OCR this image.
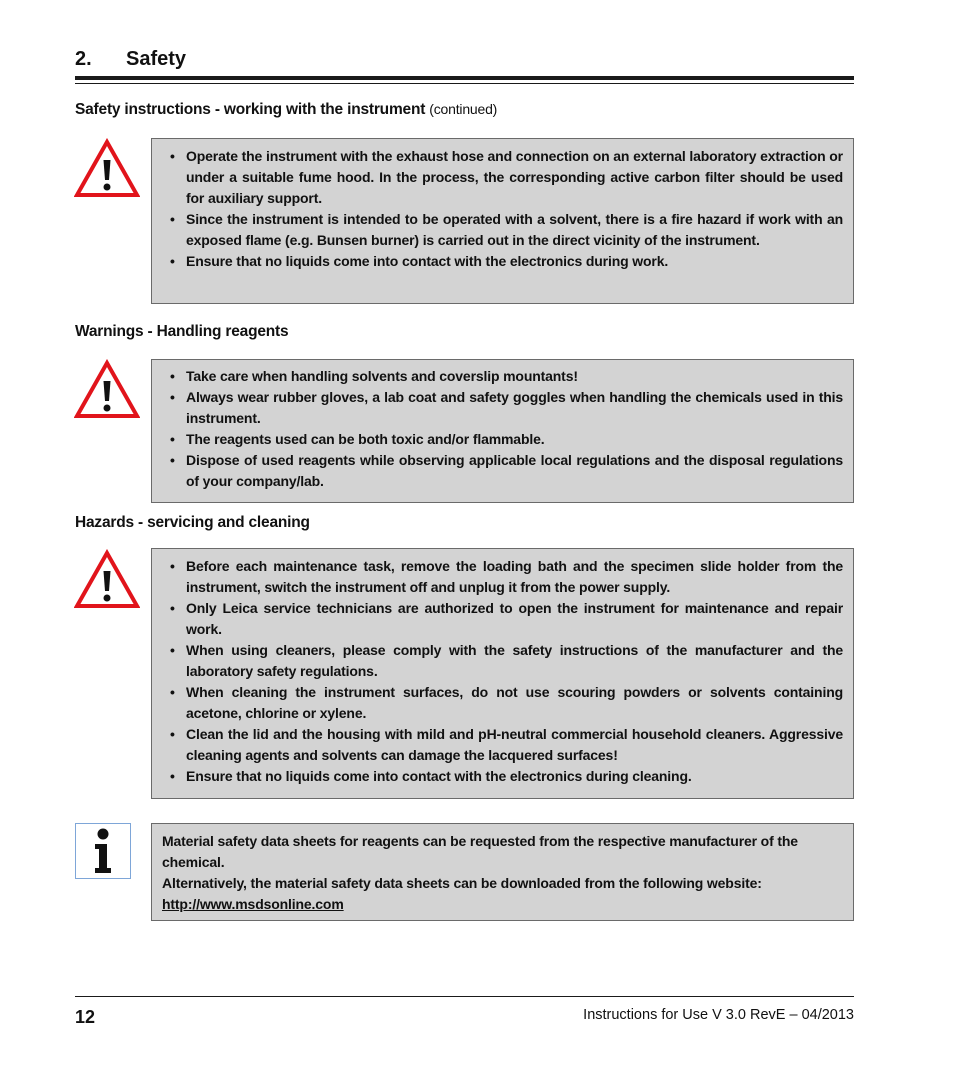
2. Safety
Safety instructions - working with the instrument (continued)
• Operate the instrument with the exhaust hose and connection on an external laboratory extraction or under a suitable fume hood. In the process, the corresponding active carbon filter should be used for auxiliary support.
• Since the instrument is intended to be operated with a solvent, there is a fire hazard if work with an exposed flame (e.g. Bunsen burner) is carried out in the direct vicinity of the instrument.
• Ensure that no liquids come into contact with the electronics during work.
Warnings - Handling reagents
• Take care when handling solvents and coverslip mountants!
• Always wear rubber gloves, a lab coat and safety goggles when handling the chemicals used in this instrument.
• The reagents used can be both toxic and/or flammable.
• Dispose of used reagents while observing applicable local regulations and the disposal regulations of your company/lab.
Hazards - servicing and cleaning
• Before each maintenance task, remove the loading bath and the specimen slide holder from the instrument, switch the instrument off and unplug it from the power supply.
• Only Leica service technicians are authorized to open the instrument for maintenance and repair work.
• When using cleaners, please comply with the safety instructions of the manufacturer and the laboratory safety regulations.
• When cleaning the instrument surfaces, do not use scouring powders or solvents containing acetone, chlorine or xylene.
• Clean the lid and the housing with mild and pH-neutral commercial household cleaners. Aggressive cleaning agents and solvents can damage the lacquered surfaces!
• Ensure that no liquids come into contact with the electronics during cleaning.

Material safety data sheets for reagents can be requested from the respective manufacturer of the chemical.

Alternatively, the material safety data sheets can be downloaded from the following website:

http://www.msdsonline.com

12	Instructions for Use V 3.0 RevE – 04/2013
